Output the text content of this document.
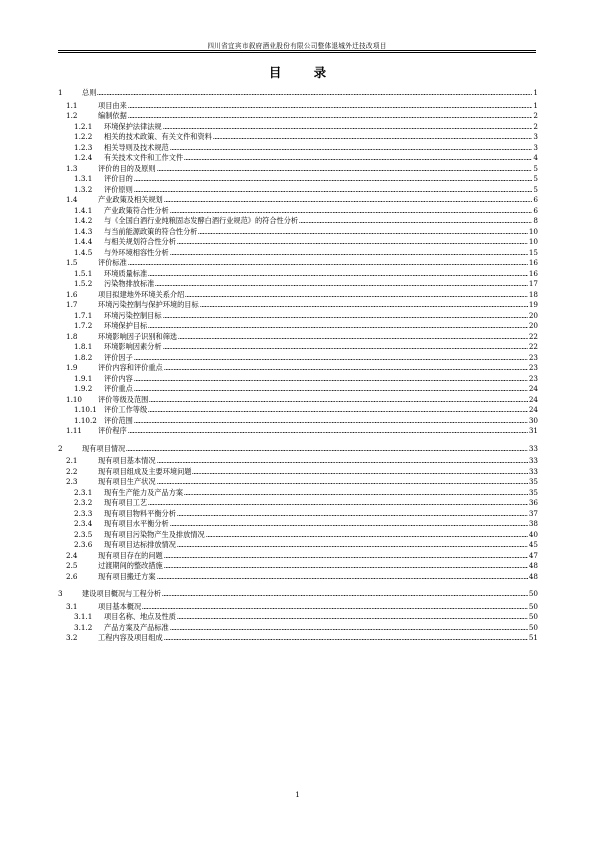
四川省宜宾市叙府酒业股份有限公司整体退城外迁技改项目
目 录
1	总则	1
1.1	项目由来	1
1.2	编制依据	2
1.2.1	环境保护法律法规	2
1.2.2	相关的技术政策、有关文件和资料	3
1.2.3	相关导则及技术规范	3
1.2.4	有关技术文件和工作文件	4
1.3	评价的目的及原则	5
1.3.1	评价目的	5
1.3.2	评价原则	5
1.4	产业政策及相关规划	6
1.4.1	产业政策符合性分析	6
1.4.2	与《全国白酒行业纯粮固态发酵白酒行业规范》的符合性分析	8
1.4.3	与当前能源政策的符合性分析	10
1.4.4	与相关规划符合性分析	10
1.4.5	与外环境相容性分析	15
1.5	评价标准	16
1.5.1	环境质量标准	16
1.5.2	污染物排放标准	17
1.6	项目拟建地外环境关系介绍	18
1.7	环境污染控制与保护环境的目标	19
1.7.1	环境污染控制目标	20
1.7.2	环境保护目标	20
1.8	环境影响因子识别和筛选	22
1.8.1	环境影响因素分析	22
1.8.2	评价因子	23
1.9	评价内容和评价重点	23
1.9.1	评价内容	23
1.9.2	评价重点	24
1.10	评价等级及范围	24
1.10.1 评价工作等级	24
1.10.2 评价范围	30
1.11	评价程序	31
2	现有项目情况	33
2.1	现有项目基本情况	33
2.2	现有项目组成及主要环境问题	33
2.3	现有项目生产状况	35
2.3.1	现有生产能力及产品方案	35
2.3.2	现有项目工艺	36
2.3.3	现有项目物料平衡分析	37
2.3.4	现有项目水平衡分析	38
2.3.5	现有项目污染物产生及排放情况	40
2.3.6	现有项目达标排放情况	45
2.4	现有项目存在的问题	47
2.5	过渡期间的整改措施	48
2.6	现有项目搬迁方案	48
3	建设项目概况与工程分析	50
3.1	项目基本概况	50
3.1.1	项目名称、地点及性质	50
3.1.2	产品方案及产品标准	50
3.2	工程内容及项目组成	51
1
